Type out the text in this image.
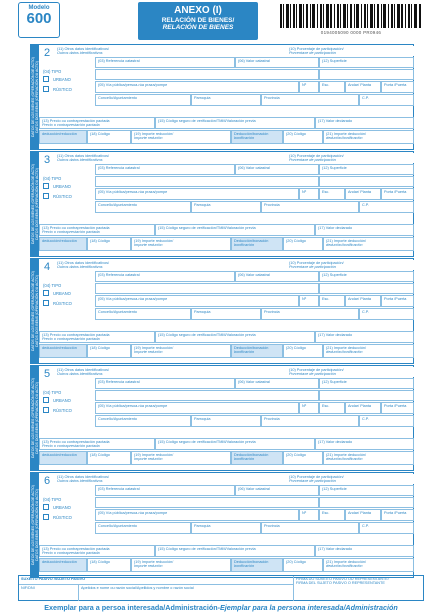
Modelo
600	ANEXO (I)
RELACIÓN DE BIENES/
RELACIÓN DE BIENES
0194005090 0000 PR0946
DATOS DE LOS BIENES (OPERACIÓN DE ACTO)
DATOS DOS BENS (OPERACIÓN OU ACTO)
2	(11) Otros datos identificativos/
Outros datos identificativos
(10) Porcentaje de participación/
Porcentaxe de participación
(03) Referencia catastral	(06) Valor catastral	(12) Superficie
(04) TIPO
URBANO
RÚSTICO
(05) Vía pública/persoa-rúa praza/pompe	Nº	Esc.	Andar/ Planta	Porta /Puerta
Concello/Ayuntamiento	Parroquia	Provincia	C.P.
(13) Precio ou contraprestación pactada
Precio o contraprestación pactada
(15) Código seguro de verificación/TMM/Valoración previa	(17) Valor declarado
deducción/reducción	(18) Código	(19) Importe reducción/
Importe redución
Deducción/bonación
bonificación
(20) Código	(21) Importe deducción/
dedución/bonificación
DATOS DE LOS BIENES (OPERACIÓN DE ACTO)
DATOS DOS BENS (OPERACIÓN OU ACTO)
3	(11) Otros datos identificativos/
Outros datos identificativos
(10) Porcentaje de participación/
Porcentaxe de participación
(03) Referencia catastral	(06) Valor catastral	(12) Superficie
(04) TIPO
URBANO
RÚSTICO
(05) Vía pública/persoa-rúa praza/pompe	Nº	Esc.	Andar/ Planta	Porta /Puerta
Concello/Ayuntamiento	Parroquia	Provincia	C.P.
(13) Precio ou contraprestación pactada
Precio o contraprestación pactada
(15) Código seguro de verificación/TMM/Valoración previa	(17) Valor declarado
deducción/reducción	(18) Código	(19) Importe reducción/
Importe redución
Deducción/bonación
bonificación
(20) Código	(21) Importe deducción/
dedución/bonificación
DATOS DE LOS BIENES (OPERACIÓN DE ACTO)
DATOS DOS BENS (OPERACIÓN OU ACTO)
4	(11) Otros datos identificativos/
Outros datos identificativos
(10) Porcentaje de participación/
Porcentaxe de participación
(03) Referencia catastral	(06) Valor catastral	(12) Superficie
(04) TIPO
URBANO
RÚSTICO
(05) Vía pública/persoa-rúa praza/pompe	Nº	Esc.	Andar/ Planta	Porta /Puerta
Concello/Ayuntamiento	Parroquia	Provincia	C.P.
(13) Precio ou contraprestación pactada
Precio o contraprestación pactada
(15) Código seguro de verificación/TMM/Valoración previa	(17) Valor declarado
deducción/reducción	(18) Código	(19) Importe reducción/
Importe redución
Deducción/bonación
bonificación
(20) Código	(21) Importe deducción/
dedución/bonificación
DATOS DE LOS BIENES (OPERACIÓN DE ACTO)
DATOS DOS BENS (OPERACIÓN OU ACTO)
5	(11) Otros datos identificativos/
Outros datos identificativos
(10) Porcentaje de participación/
Porcentaxe de participación
(03) Referencia catastral	(06) Valor catastral	(12) Superficie
(04) TIPO
URBANO
RÚSTICO
(05) Vía pública/persoa-rúa praza/pompe	Nº	Esc.	Andar/ Planta	Porta /Puerta
Concello/Ayuntamiento	Parroquia	Provincia	C.P.
(13) Precio ou contraprestación pactada
Precio o contraprestación pactada
(15) Código seguro de verificación/TMM/Valoración previa	(17) Valor declarado
deducción/reducción	(18) Código	(19) Importe reducción/
Importe redución
Deducción/bonación
bonificación
(20) Código	(21) Importe deducción/
dedución/bonificación
DATOS DE LOS BIENES (OPERACIÓN DE ACTO)
DATOS DOS BENS (OPERACIÓN OU ACTO)
6	(11) Otros datos identificativos/
Outros datos identificativos
(10) Porcentaje de participación/
Porcentaxe de participación
(03) Referencia catastral	(06) Valor catastral	(12) Superficie
(04) TIPO
URBANO
RÚSTICO
(05) Vía pública/persoa-rúa praza/pompe	Nº	Esc.	Andar/ Planta	Porta /Puerta
Concello/Ayuntamiento	Parroquia	Provincia	C.P.
(13) Precio ou contraprestación pactada
Precio o contraprestación pactada
(15) Código seguro de verificación/TMM/Valoración previa	(17) Valor declarado
deducción/reducción	(18) Código	(19) Importe reducción/
Importe redución
Deducción/bonación
bonificación
(20) Código	(21) Importe deducción/
dedución/bonificación
SUXEITO PASIVO /SUJETO PASIVO
NIF/DNI	Apelidos e nome ou razón social/Apellidos y nombre o razón social
FIRMA DO SUXEITO PASIVO OU REPRESENTANTE/
FIRMA DEL SUJETO PASIVO O REPRESENTANTE
Exemplar para a persoa interesada/Administración-Ejemplar para la persona interesada/Administración
